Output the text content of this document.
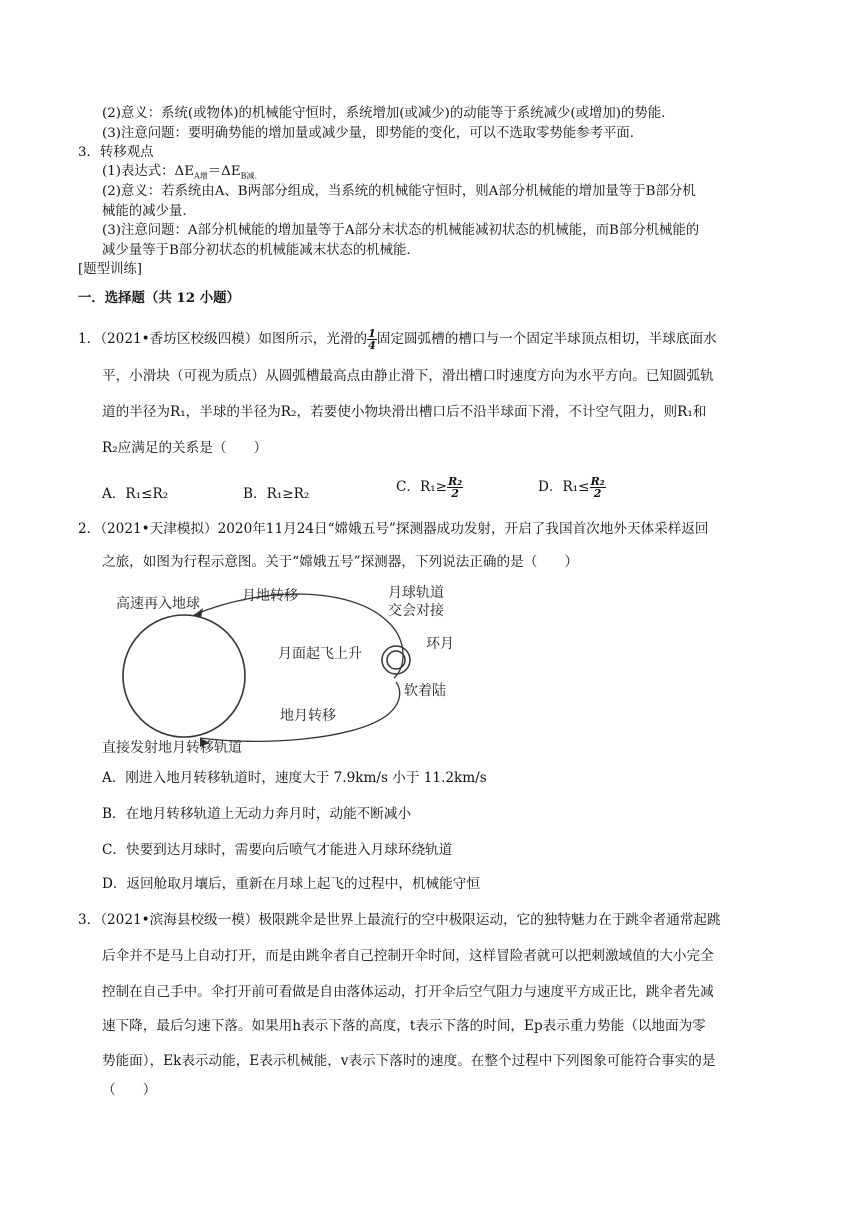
(2)意义：系统(或物体)的机械能守恒时，系统增加(或减少)的动能等于系统减少(或增加)的势能.
(3)注意问题：要明确势能的增加量或减少量，即势能的变化，可以不选取零势能参考平面.
3．转移观点
(1)表达式：$\Delta E_{A增}=\Delta E_{B减.}$
(2)意义：若系统由A、B两部分组成，当系统的机械能守恒时，则A部分机械能的增加量等于B部分机
械能的减少量.
(3)注意问题：A部分机械能的增加量等于A部分末状态的机械能减初状态的机械能，而B部分机械能的
减少量等于B部分初状态的机械能减末状态的机械能.
[题型训练]
一．选择题（共 12 小题）
1．（2021•香坊区校级四模）如图所示，光滑的 $\frac{1}{4}$ 固定圆弧槽的槽口与一个固定半球顶点相切，半球底面水
平，小滑块（可视为质点）从圆弧槽最高点由静止滑下，滑出槽口时速度方向为水平方向。已知圆弧轨
道的半径为R₁，半球的半径为R₂，若要使小物块滑出槽口后不沿半球面下滑，不计空气阻力，则R₁和
R₂应满足的关系是（　　）
A．R₁≤R₂	B．R₁≥R₂	C．$R_1\ge \frac{\text{R₂}}{2}$	D．$R_1\le \frac{\text{R₂}}{2}$
2．（2021•天津模拟）2020年11月24日“嫦娥五号”探测器成功发射，开启了我国首次地外天体采样返回
之旅，如图为行程示意图。关于“嫦娥五号”探测器，下列说法正确的是（　　）
高速再入地球	月地转移	月球轨道
交会对接
月面起飞上升
环月
软着陆
地月转移
直接发射地月转移轨道
A．刚进入地月转移轨道时，速度大于 7.9km/s 小于 11.2km/s
B．在地月转移轨道上无动力奔月时，动能不断减小
C．快要到达月球时，需要向后喷气才能进入月球环绕轨道
D．返回舱取月壤后，重新在月球上起飞的过程中，机械能守恒
3．（2021•滨海县校级一模）极限跳伞是世界上最流行的空中极限运动，它的独特魅力在于跳伞者通常起跳
后伞并不是马上自动打开，而是由跳伞者自己控制开伞时间，这样冒险者就可以把刺激域值的大小完全
控制在自己手中。伞打开前可看做是自由落体运动，打开伞后空气阻力与速度平方成正比，跳伞者先减
速下降，最后匀速下落。如果用h表示下落的高度，t表示下落的时间，Ep表示重力势能（以地面为零
势能面），Ek表示动能，E表示机械能，v表示下落时的速度。在整个过程中下列图象可能符合事实的是
（　　）
